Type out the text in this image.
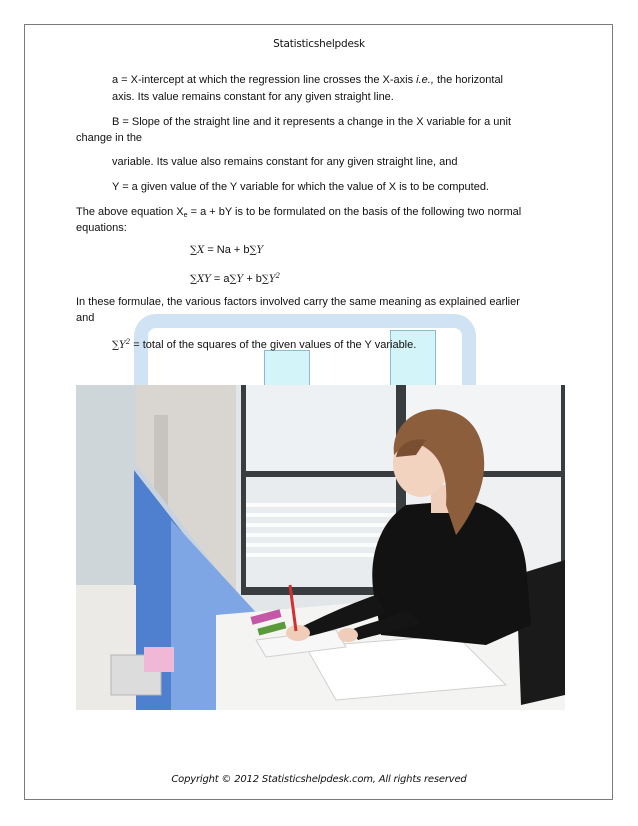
Statisticshelpdesk

a = X-intercept at which the regression line crosses the X-axis i.e., the horizontal

axis. Its value remains constant for any given straight line.

B = Slope of the straight line and it represents a change in the X variable for a unit

change in the

variable. Its value also remains constant for any given straight line, and

Y = a given value of the Y variable for which the value of X is to be computed.

The above equation $X_e = a$ + bY is to be formulated on the basis of the following two normal

equations:

∑X = Na + b∑Y

$\sum XY = a\sum Y + b\sum Y^2$

In these formulae, the various factors involved carry the same meaning as explained earlier

and

$\sum Y^2$ = total of the squares of the given values of the Y variable.

Copyright © 2012 Statisticshelpdesk.com, All rights reserved
